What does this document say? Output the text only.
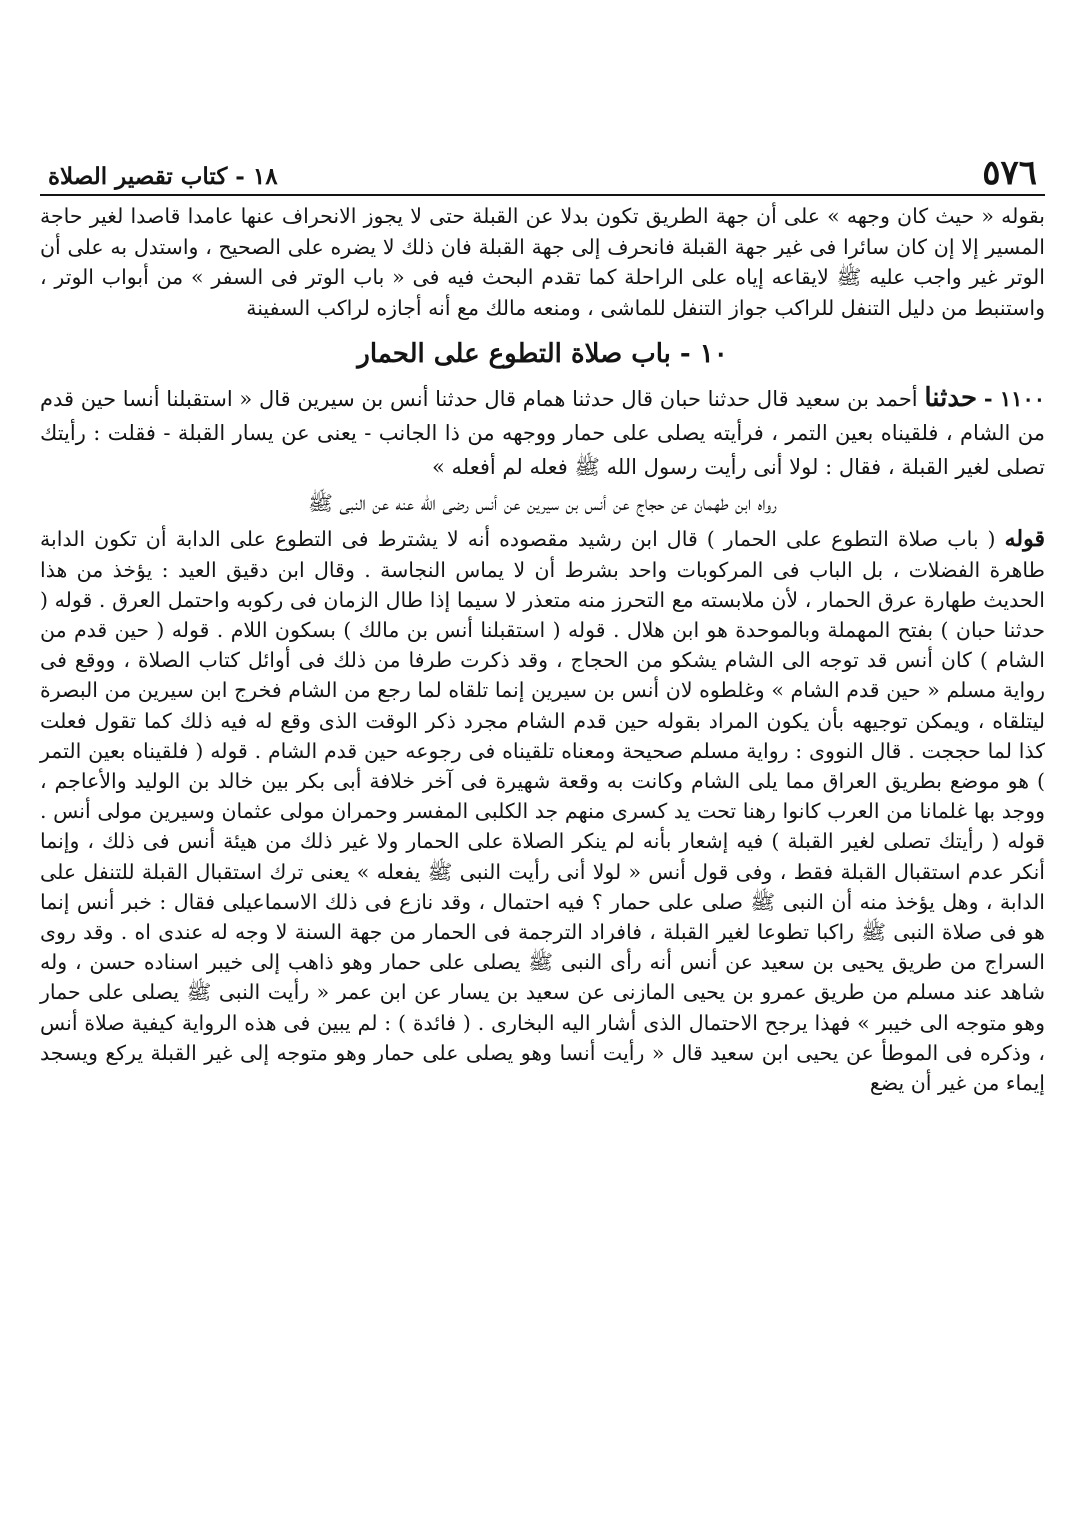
٥٧٦
١٨ - كتاب تقصير الصلاة

بقوله « حيث كان وجهه » على أن جهة الطريق تكون بدلا عن القبلة حتى لا يجوز الانحراف عنها عامدا قاصدا لغير حاجة المسير إلا إن كان سائرا فى غير جهة القبلة فانحرف إلى جهة القبلة فان ذلك لا يضره على الصحيح ، واستدل به على أن الوتر غير واجب عليه ﷺ لايقاعه إياه على الراحلة كما تقدم البحث فيه فى « باب الوتر فى السفر » من أبواب الوتر ، واستنبط من دليل التنفل للراكب جواز التنفل للماشى ، ومنعه مالك مع أنه أجازه لراكب السفينة

١٠ - باب صلاة التطوع على الحمار
١١٠٠ - حدثنا أحمد بن سعيد قال حدثنا حبان قال حدثنا همام قال حدثنا أنس بن سيرين قال « استقبلنا أنسا حين قدم من الشام ، فلقيناه بعين التمر ، فرأيته يصلى على حمار ووجهه من ذا الجانب - يعنى عن يسار القبلة - فقلت : رأيتك تصلى لغير القبلة ، فقال : لولا أنى رأيت رسول الله ﷺ فعله لم أفعله »
رواه ابن طهمان عن حجاج عن أنس بن سيرين عن أنس رضى الله عنه عن النبى ﷺ
قوله ( باب صلاة التطوع على الحمار ) قال ابن رشيد مقصوده أنه لا يشترط فى التطوع على الدابة أن تكون الدابة طاهرة الفضلات ، بل الباب فى المركوبات واحد بشرط أن لا يماس النجاسة . وقال ابن دقيق العيد : يؤخذ من هذا الحديث طهارة عرق الحمار ، لأن ملابسته مع التحرز منه متعذر لا سيما إذا طال الزمان فى ركوبه واحتمل العرق . قوله ( حدثنا حبان ) بفتح المهملة وبالموحدة هو ابن هلال . قوله ( استقبلنا أنس بن مالك ) بسكون اللام . قوله ( حين قدم من الشام ) كان أنس قد توجه الى الشام يشكو من الحجاج ، وقد ذكرت طرفا من ذلك فى أوائل كتاب الصلاة ، ووقع فى رواية مسلم « حين قدم الشام » وغلطوه لان أنس بن سيرين إنما تلقاه لما رجع من الشام فخرج ابن سيرين من البصرة ليتلقاه ، ويمكن توجيهه بأن يكون المراد بقوله حين قدم الشام مجرد ذكر الوقت الذى وقع له فيه ذلك كما تقول فعلت كذا لما حججت . قال النووى : رواية مسلم صحيحة ومعناه تلقيناه فى رجوعه حين قدم الشام . قوله ( فلقيناه بعين التمر ) هو موضع بطريق العراق مما يلى الشام وكانت به وقعة شهيرة فى آخر خلافة أبى بكر بين خالد بن الوليد والأعاجم ، ووجد بها غلمانا من العرب كانوا رهنا تحت يد كسرى منهم جد الكلبى المفسر وحمران مولى عثمان وسيرين مولى أنس . قوله ( رأيتك تصلى لغير القبلة ) فيه إشعار بأنه لم ينكر الصلاة على الحمار ولا غير ذلك من هيئة أنس فى ذلك ، وإنما أنكر عدم استقبال القبلة فقط ، وفى قول أنس « لولا أنى رأيت النبى ﷺ يفعله » يعنى ترك استقبال القبلة للتنفل على الدابة ، وهل يؤخذ منه أن النبى ﷺ صلى على حمار ؟ فيه احتمال ، وقد نازع فى ذلك الاسماعيلى فقال : خبر أنس إنما هو فى صلاة النبى ﷺ راكبا تطوعا لغير القبلة ، فافراد الترجمة فى الحمار من جهة السنة لا وجه له عندى اه . وقد روى السراج من طريق يحيى بن سعيد عن أنس أنه رأى النبى ﷺ يصلى على حمار وهو ذاهب إلى خيبر اسناده حسن ، وله شاهد عند مسلم من طريق عمرو بن يحيى المازنى عن سعيد بن يسار عن ابن عمر « رأيت النبى ﷺ يصلى على حمار وهو متوجه الى خيبر » فهذا يرجح الاحتمال الذى أشار اليه البخارى . ( فائدة ) : لم يبين فى هذه الرواية كيفية صلاة أنس ، وذكره فى الموطأ عن يحيى ابن سعيد قال « رأيت أنسا وهو يصلى على حمار وهو متوجه إلى غير القبلة يركع ويسجد إيماء من غير أن يضع
